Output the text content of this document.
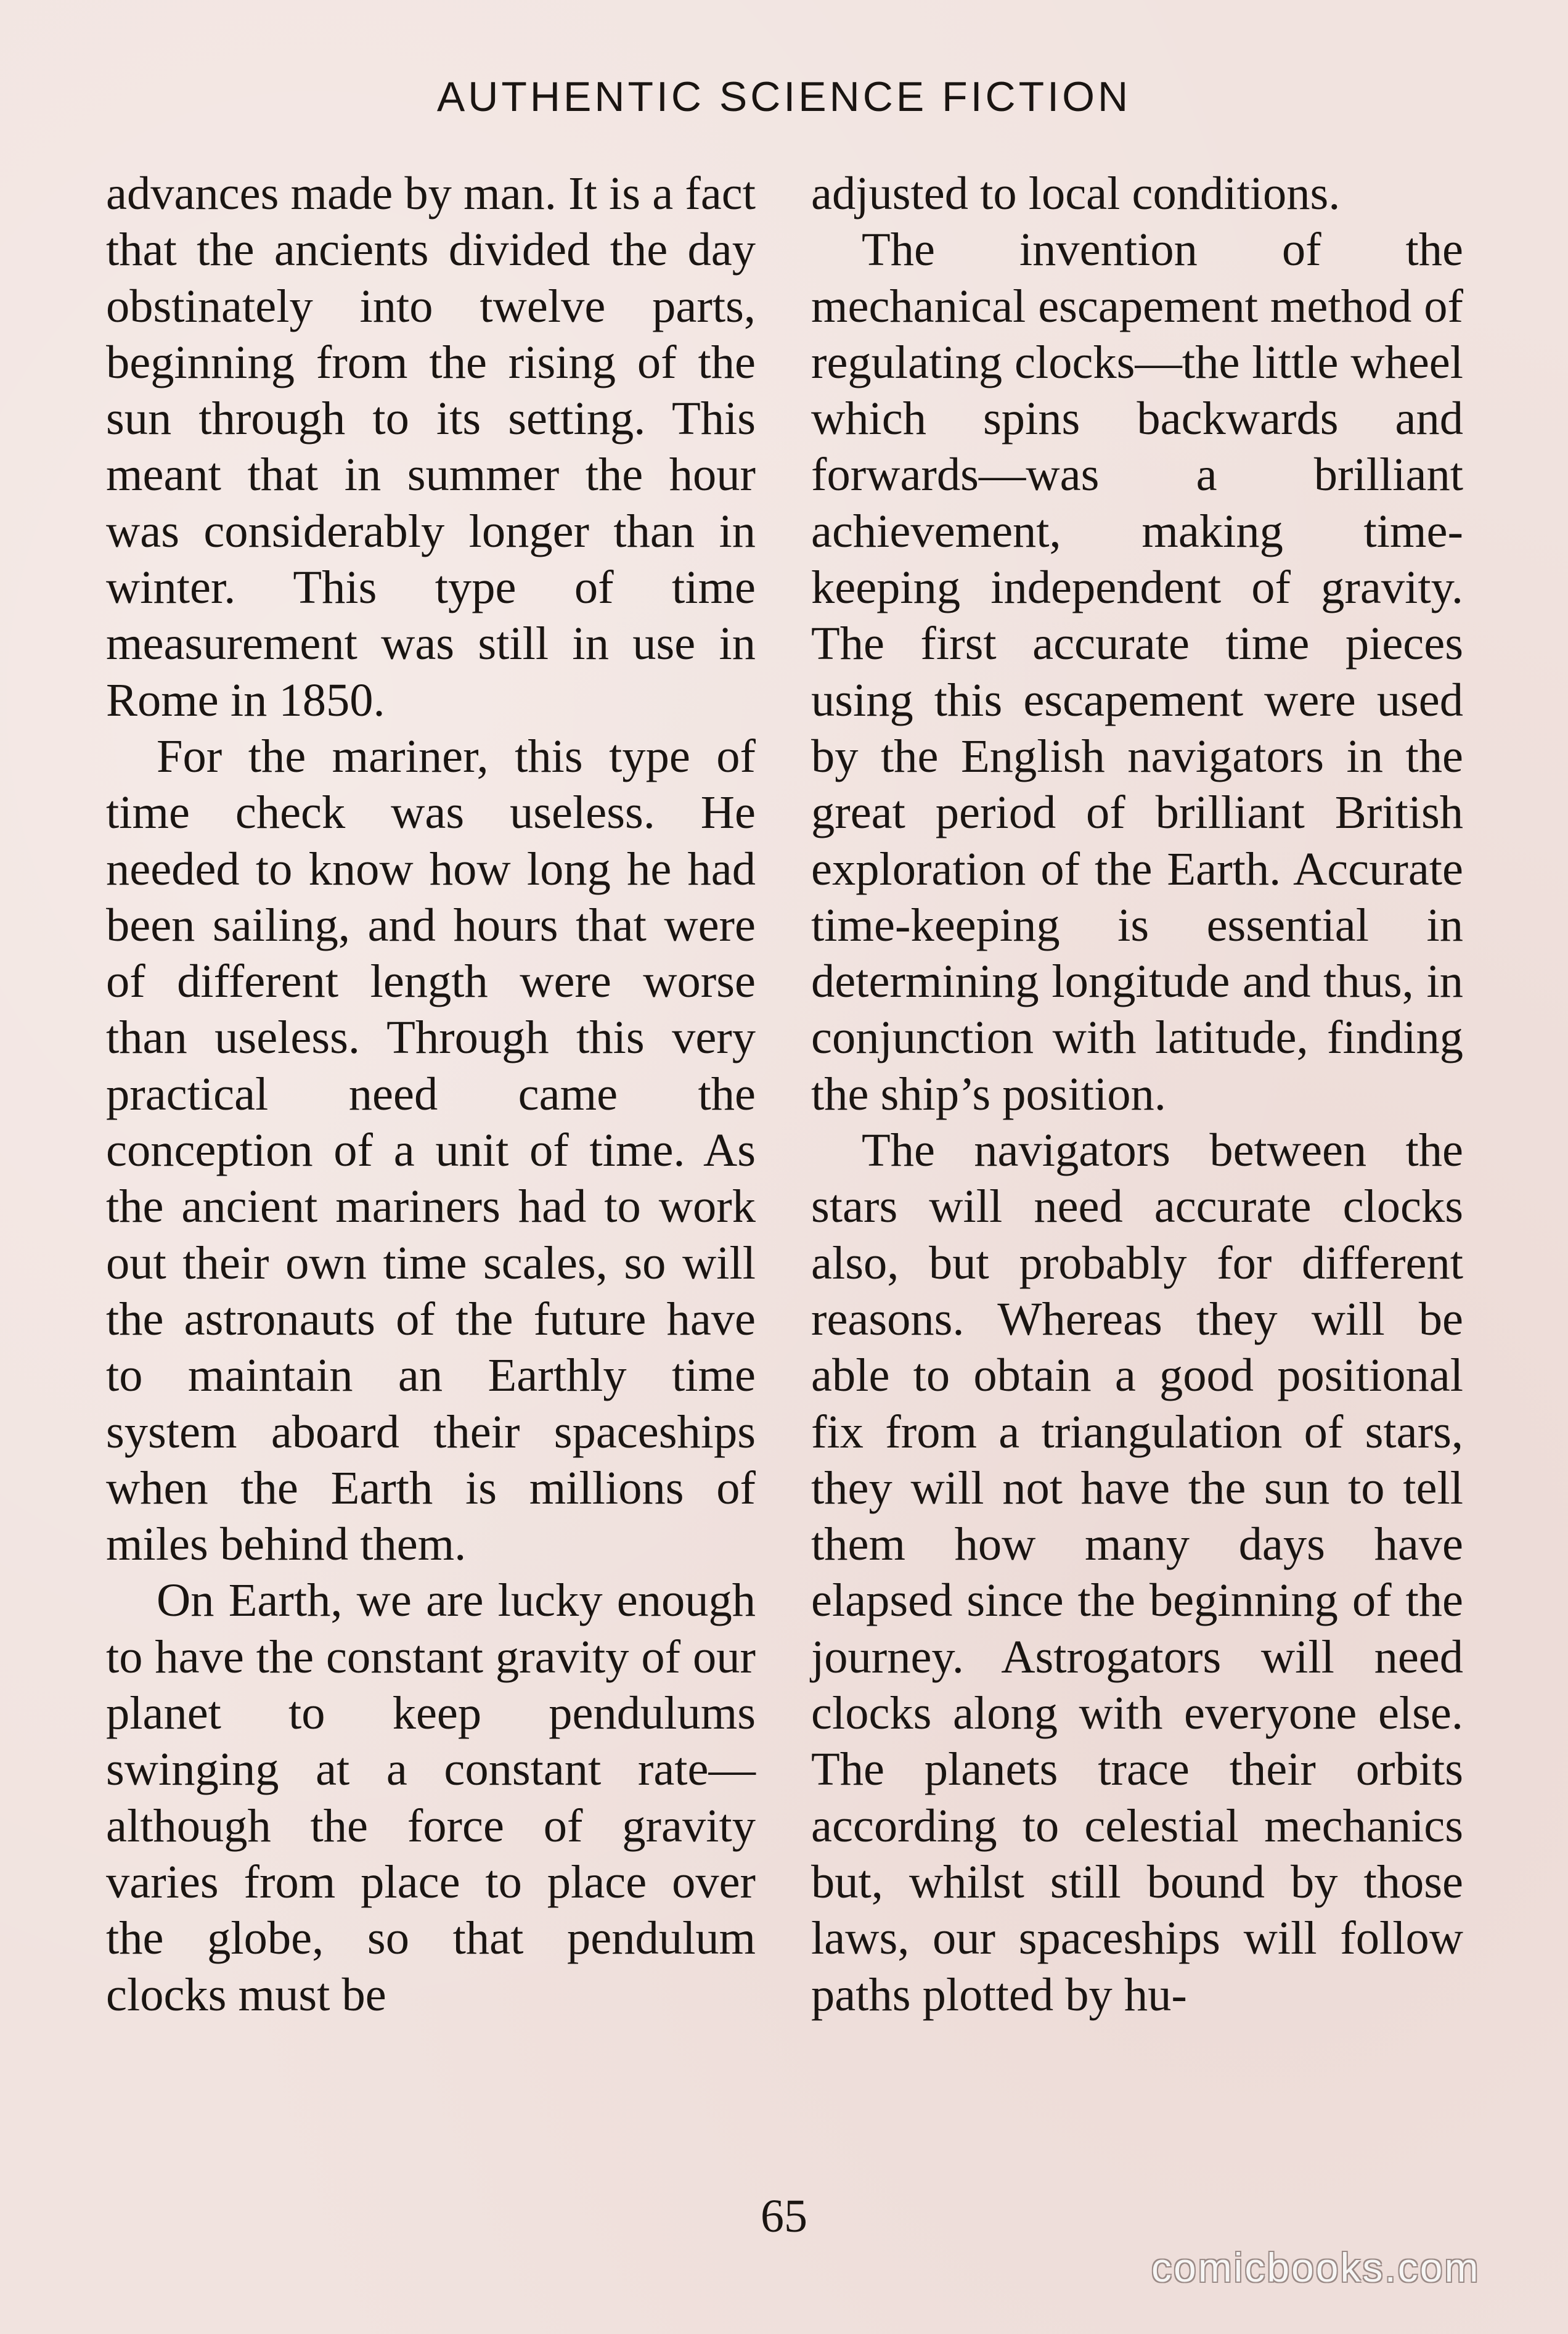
AUTHENTIC SCIENCE FICTION

advances made by man. It is a fact that the ancients divided the day obstinately into twelve parts, beginning from the rising of the sun through to its setting. This meant that in summer the hour was considerably longer than in winter. This type of time measurement was still in use in Rome in 1850.

For the mariner, this type of time check was useless. He needed to know how long he had been sailing, and hours that were of different length were worse than useless. Through this very practical need came the conception of a unit of time. As the ancient mariners had to work out their own time scales, so will the astronauts of the future have to maintain an Earthly time system aboard their spaceships when the Earth is millions of miles behind them.

On Earth, we are lucky enough to have the constant gravity of our planet to keep pendulums swinging at a constant rate—although the force of gravity varies from place to place over the globe, so that pendulum clocks must be

adjusted to local conditions.

The invention of the mechanical escapement method of regulating clocks—the little wheel which spins backwards and forwards—was a brilliant achievement, making time-keeping independent of gravity. The first accurate time pieces using this escapement were used by the English navigators in the great period of brilliant British exploration of the Earth. Accurate time-keeping is essential in determining longitude and thus, in conjunction with latitude, finding the ship’s position.

The navigators between the stars will need accurate clocks also, but probably for different reasons. Whereas they will be able to obtain a good positional fix from a triangulation of stars, they will not have the sun to tell them how many days have elapsed since the beginning of the journey. Astrogators will need clocks along with everyone else. The planets trace their orbits according to celestial mechanics but, whilst still bound by those laws, our spaceships will follow paths plotted by hu-

65
comicbooks.com
